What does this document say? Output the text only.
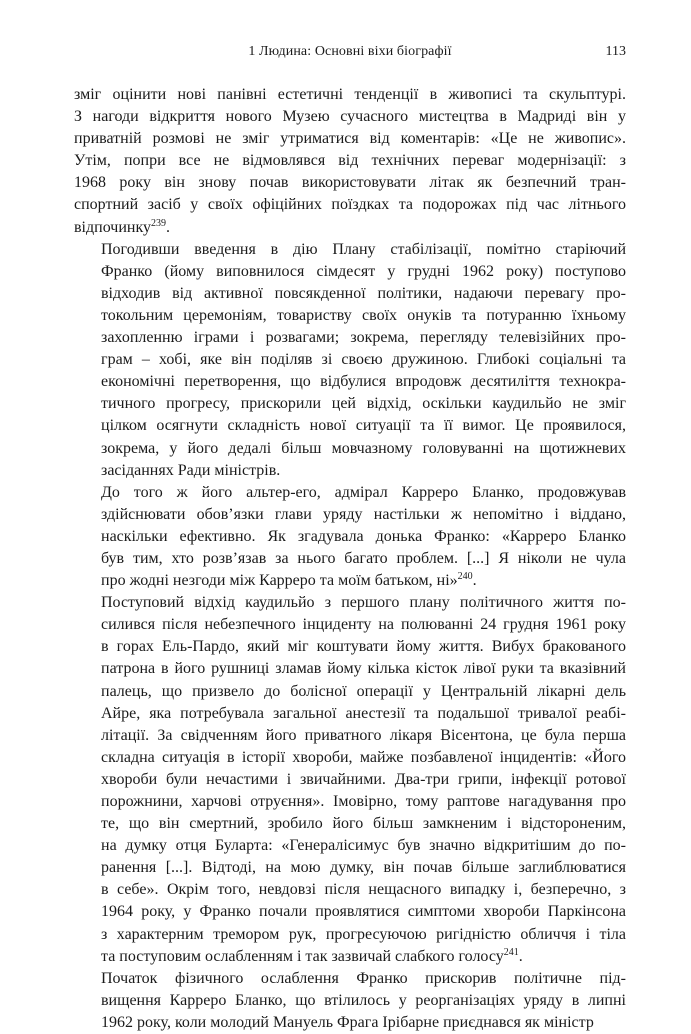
1 Людина: Основні віхи біографії	113

зміг оцінити нові панівні естетичні тенденції в живописі та скульптурі.
З нагоди відкриття нового Музею сучасного мистецтва в Мадриді він у
приватній розмові не зміг утриматися від коментарів: «Це не живопис».
Утім, попри все не відмовлявся від технічних переваг модернізації: з
1968 року він знову почав використовувати літак як безпечний тран-
спортний засіб у своїх офіційних поїздках та подорожах під час літнього
відпочинку$^{239}$.

Погодивши введення в дію Плану стабілізації, помітно старіючий
Франко (йому виповнилося сімдесят у грудні 1962 року) поступово
відходив від активної повсякденної політики, надаючи перевагу про-
токольним церемоніям, товариству своїх онуків та потуранню їхньому
захопленню іграми і розвагами; зокрема, перегляду телевізійних про-
грам – хобі, яке він поділяв зі своєю дружиною. Глибокі соціальні та
економічні перетворення, що відбулися впродовж десятиліття технокра-
тичного прогресу, прискорили цей відхід, оскільки каудильйо не зміг
цілком осягнути складність нової ситуації та її вимог. Це проявилося,
зокрема, у його дедалі більш мовчазному головуванні на щотижневих
засіданнях Ради міністрів.

До того ж його альтер-его, адмірал Карреро Бланко, продовжував
здійснювати обов’язки глави уряду настільки ж непомітно і віддано,
наскільки ефективно. Як згадувала донька Франко: «Карреро Бланко
був тим, хто розв’язав за нього багато проблем. [...] Я ніколи не чула
про жодні незгоди між Карреро та моїм батьком, ні»$^{240}$.

Поступовий відхід каудильйо з першого плану політичного життя по-
силився після небезпечного інциденту на полюванні 24 грудня 1961 року
в горах Ель-Пардо, який міг коштувати йому життя. Вибух бракованого
патрона в його рушниці зламав йому кілька кісток лівої руки та вказівний
палець, що призвело до болісної операції у Центральній лікарні дель
Айре, яка потребувала загальної анестезії та подальшої тривалої реабі-
літації. За свідченням його приватного лікаря Вісентона, це була перша
складна ситуація в історії хвороби, майже позбавленої інцидентів: «Його
хвороби були нечастими і звичайними. Два-три грипи, інфекції ротової
порожнини, харчові отруєння». Імовірно, тому раптове нагадування про
те, що він смертний, зробило його більш замкненим і відстороненим,
на думку отця Буларта: «Генералісимус був значно відкритішим до по-
ранення [...]. Відтоді, на мою думку, він почав більше заглиблюватися
в себе». Окрім того, невдовзі після нещасного випадку і, безперечно, з
1964 року, у Франко почали проявлятися симптоми хвороби Паркінсона
з характерним тремором рук, прогресуючою ригідністю обличчя і тіла
та поступовим ослабленням і так зазвичай слабкого голосу$^{241}$.

Початок фізичного ослаблення Франко прискорив політичне під-
вищення Карреро Бланко, що втілилось у реорганізаціях уряду в липні
1962 року, коли молодий Мануель Фрага Ірібарне приєднався як міністр
